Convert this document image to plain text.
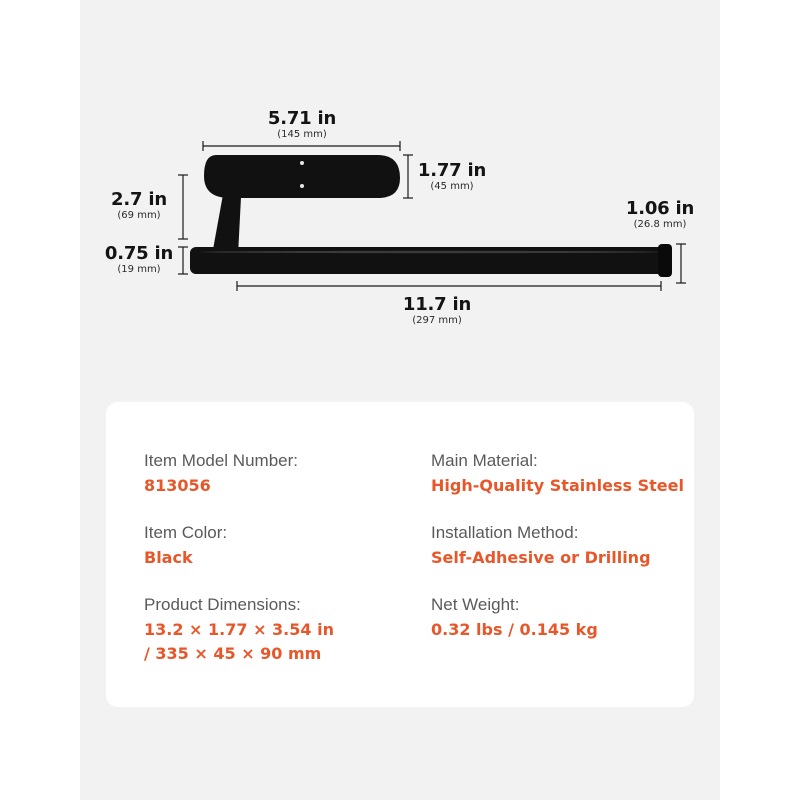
5.71 in
(145 mm)
1.77 in
(45 mm)
2.7 in
(69 mm)
0.75 in
(19 mm)
1.06 in
(26.8 mm)
11.7 in
(297 mm)
Item Model Number:
813056
Main Material:
High-Quality Stainless Steel
Item Color:
Black
Installation Method:
Self-Adhesive or Drilling
Product Dimensions:
13.2 × 1.77 × 3.54 in
/ 335 × 45 × 90 mm
Net Weight:
0.32 lbs / 0.145 kg
